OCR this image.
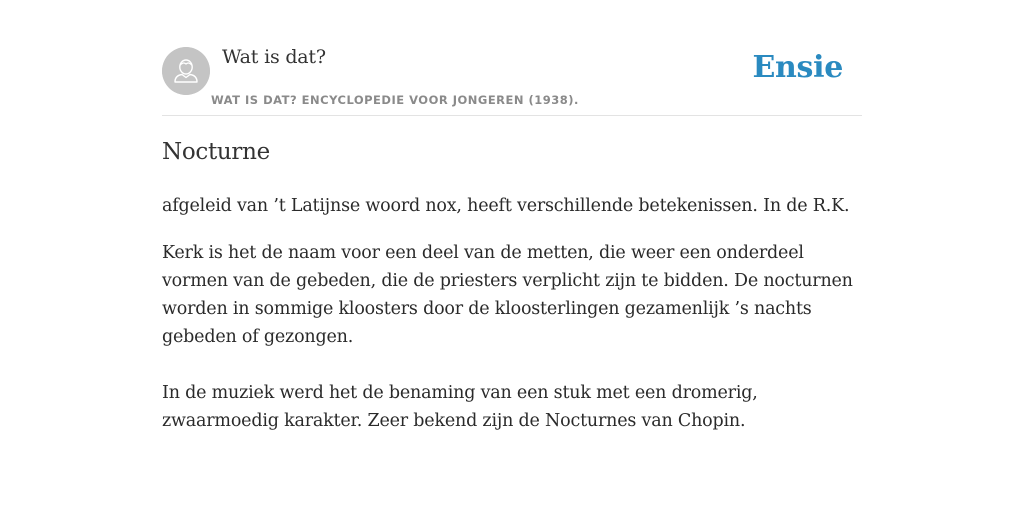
Wat is dat?
WAT IS DAT? ENCYCLOPEDIE VOOR JONGEREN (1938).
Ensie
Nocturne

afgeleid van ’t Latijnse woord nox, heeft verschillende betekenissen. In de R.K.

Kerk is het de naam voor een deel van de metten, die weer een onderdeel vormen van de gebeden, die de priesters verplicht zijn te bidden. De nocturnen worden in sommige kloosters door de kloosterlingen gezamenlijk ’s nachts gebeden of gezongen.

In de muziek werd het de benaming van een stuk met een dromerig, zwaarmoedig karakter. Zeer bekend zijn de Nocturnes van Chopin.
